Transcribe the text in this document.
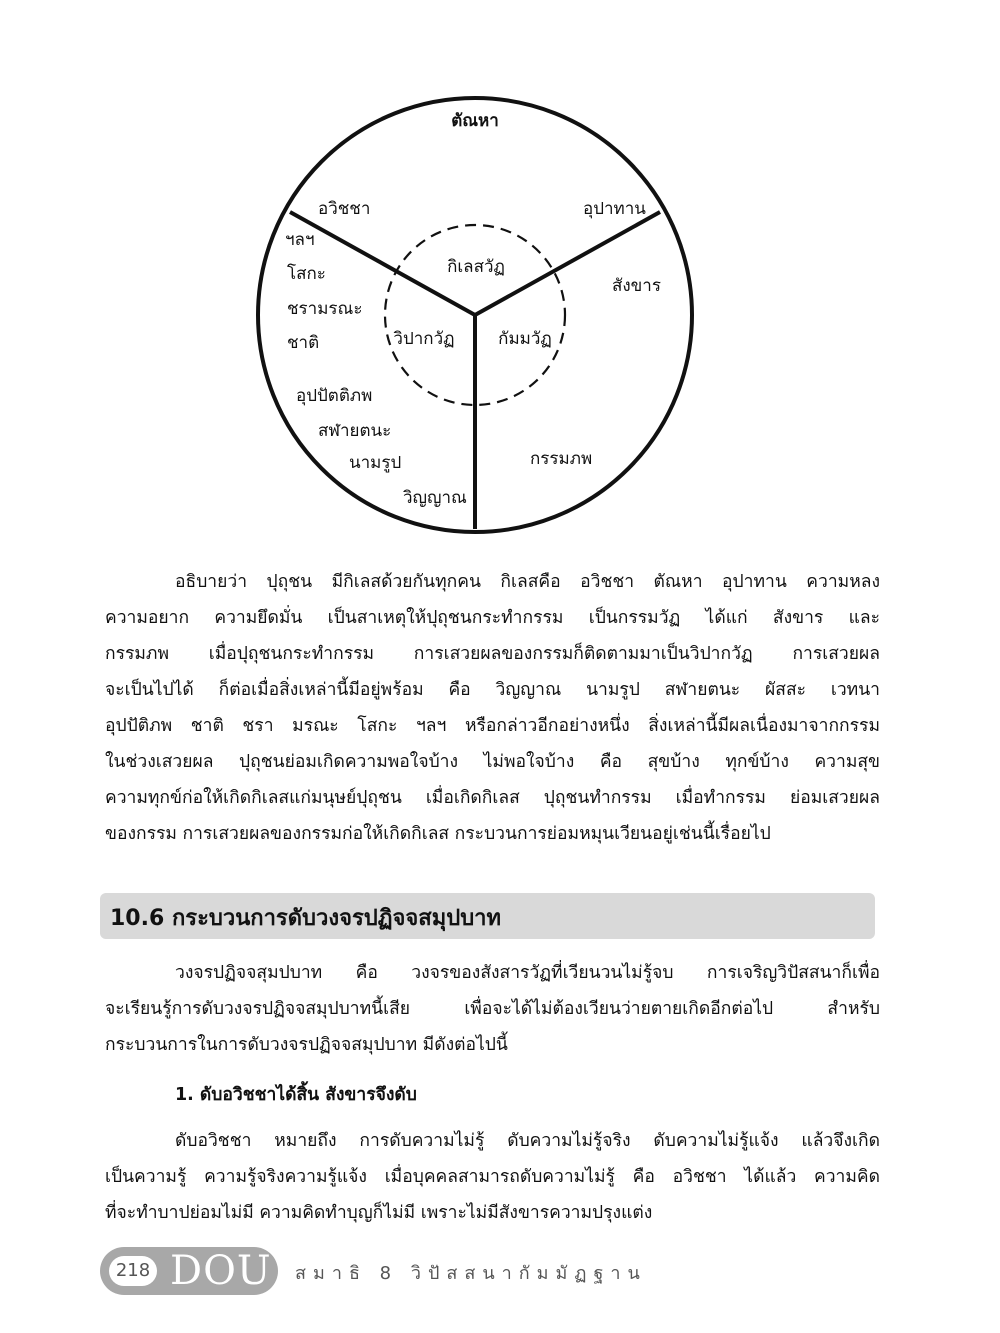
ตัณหา
อวิชชา	อุปาทาน
สังขาร
กรรมภพ
วิญญาณ
นามรูป
สฬายตนะ
อุปปัตติภพ
ชาติ
ชรามรณะ
โสกะ
ฯลฯ
กิเลสวัฏ
กัมมวัฏ
วิปากวัฏ

อธิบายว่า ปุถุชน มีกิเลสด้วยกันทุกคน กิเลสคือ อวิชชา ตัณหา อุปาทาน ความหลง

ความอยาก ความยึดมั่น เป็นสาเหตุให้ปุถุชนกระทำกรรม เป็นกรรมวัฏ ได้แก่ สังขาร และ

กรรมภพ เมื่อปุถุชนกระทำกรรม การเสวยผลของกรรมก็ติดตามมาเป็นวิปากวัฏ การเสวยผล

จะเป็นไปได้ ก็ต่อเมื่อสิ่งเหล่านี้มีอยู่พร้อม คือ วิญญาณ นามรูป สฬายตนะ ผัสสะ เวทนา

อุปปัติภพ ชาติ ชรา มรณะ โสกะ ฯลฯ หรือกล่าวอีกอย่างหนึ่ง สิ่งเหล่านี้มีผลเนื่องมาจากกรรม

ในช่วงเสวยผล ปุถุชนย่อมเกิดความพอใจบ้าง ไม่พอใจบ้าง คือ สุขบ้าง ทุกข์บ้าง ความสุข

ความทุกข์ก่อให้เกิดกิเลสแก่มนุษย์ปุถุชน เมื่อเกิดกิเลส ปุถุชนทำกรรม เมื่อทำกรรม ย่อมเสวยผล

ของกรรม การเสวยผลของกรรมก่อให้เกิดกิเลส กระบวนการย่อมหมุนเวียนอยู่เช่นนี้เรื่อยไป

10.6 กระบวนการดับวงจรปฏิจจสมุปบาท

วงจรปฏิจจสุมปบาท คือ วงจรของสังสารวัฏที่เวียนวนไม่รู้จบ การเจริญวิปัสสนาก็เพื่อ

จะเรียนรู้การดับวงจรปฏิจจสมุปบาทนี้เสีย เพื่อจะได้ไม่ต้องเวียนว่ายตายเกิดอีกต่อไป สำหรับ

กระบวนการในการดับวงจรปฏิจจสมุปบาท มีดังต่อไปนี้

1. ดับอวิชชาได้สิ้น สังขารจึงดับ

ดับอวิชชา หมายถึง การดับความไม่รู้ ดับความไม่รู้จริง ดับความไม่รู้แจ้ง แล้วจึงเกิด

เป็นความรู้ ความรู้จริงความรู้แจ้ง เมื่อบุคคลสามารถดับความไม่รู้ คือ อวิชชา ได้แล้ว ความคิด

ที่จะทำบาปย่อมไม่มี ความคิดทำบุญก็ไม่มี เพราะไม่มีสังขารความปรุงแต่ง

218 DOU สมาธิ 8 วิปัสสนากัมมัฏฐาน
